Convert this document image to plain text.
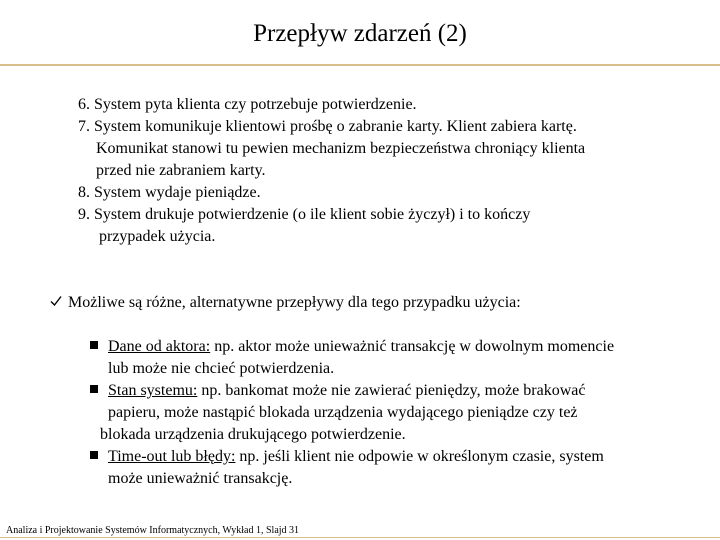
Przepływ zdarzeń (2)
6. System pyta klienta czy potrzebuje potwierdzenie.
7. System komunikuje klientowi prośbę o zabranie karty. Klient zabiera kartę.
Komunikat stanowi tu pewien mechanizm bezpieczeństwa chroniący klienta
przed nie zabraniem karty.
8. System wydaje pieniądze.
9. System drukuje potwierdzenie (o ile klient sobie życzył) i to kończy
przypadek użycia.
Możliwe są różne, alternatywne przepływy dla tego przypadku użycia:
Dane od aktora: np. aktor może unieważnić transakcję w dowolnym momencie
lub może nie chcieć potwierdzenia.
Stan systemu: np. bankomat może nie zawierać pieniędzy, może brakować
papieru, może nastąpić blokada urządzenia wydającego pieniądze czy też
blokada urządzenia drukującego potwierdzenie.
Time-out lub błędy: np. jeśli klient nie odpowie w określonym czasie, system
może unieważnić transakcję.
Analiza i Projektowanie Systemów Informatycznych, Wykład 1, Slajd 31
